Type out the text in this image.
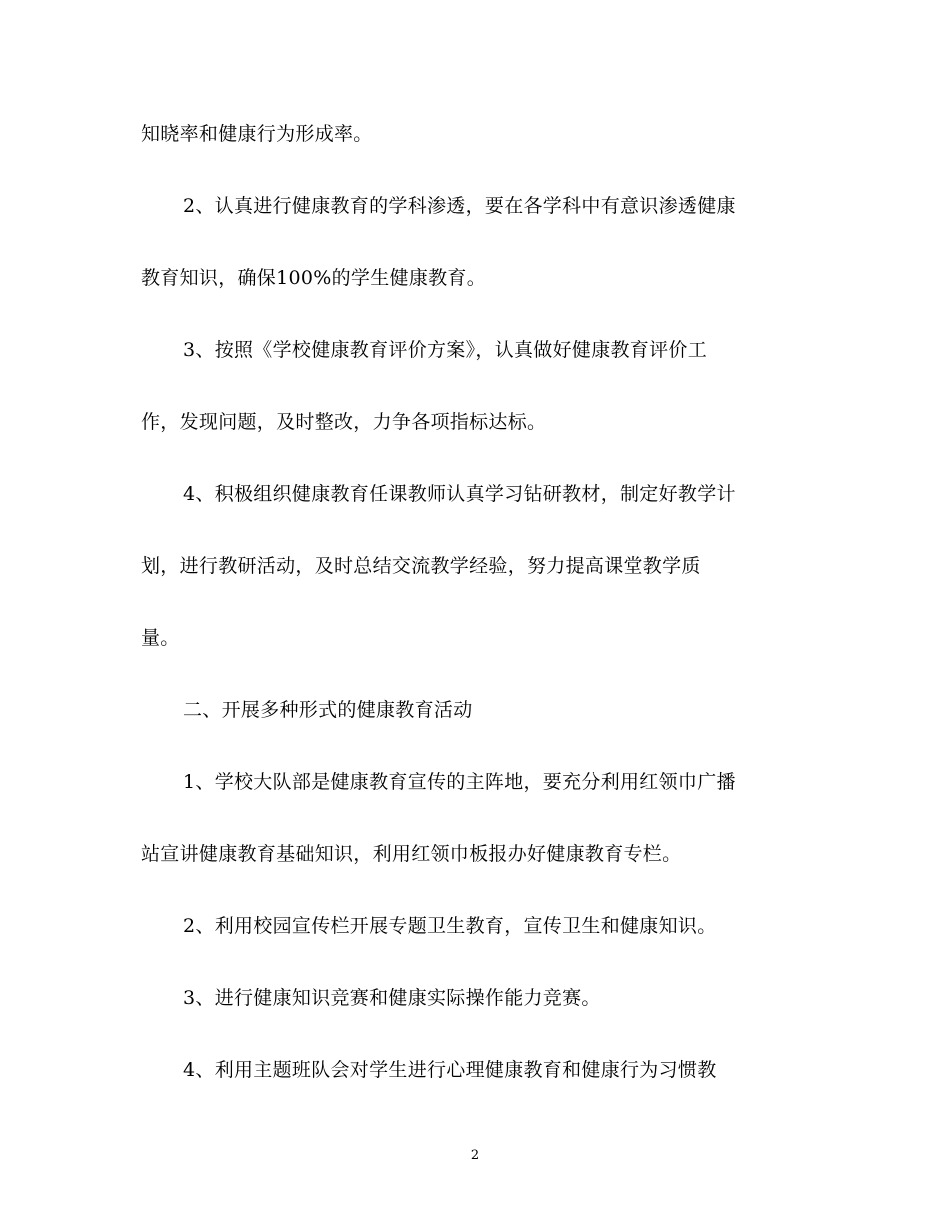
知晓率和健康行为形成率。
2、认真进行健康教育的学科渗透，要在各学科中有意识渗透健康
教育知识，确保100%的学生健康教育。
3、按照《学校健康教育评价方案》，认真做好健康教育评价工
作，发现问题，及时整改，力争各项指标达标。
4、积极组织健康教育任课教师认真学习钻研教材，制定好教学计
划，进行教研活动，及时总结交流教学经验，努力提高课堂教学质
量。
二、开展多种形式的健康教育活动
1、学校大队部是健康教育宣传的主阵地，要充分利用红领巾广播
站宣讲健康教育基础知识，利用红领巾板报办好健康教育专栏。
2、利用校园宣传栏开展专题卫生教育，宣传卫生和健康知识。
3、进行健康知识竞赛和健康实际操作能力竞赛。
4、利用主题班队会对学生进行心理健康教育和健康行为习惯教
2
